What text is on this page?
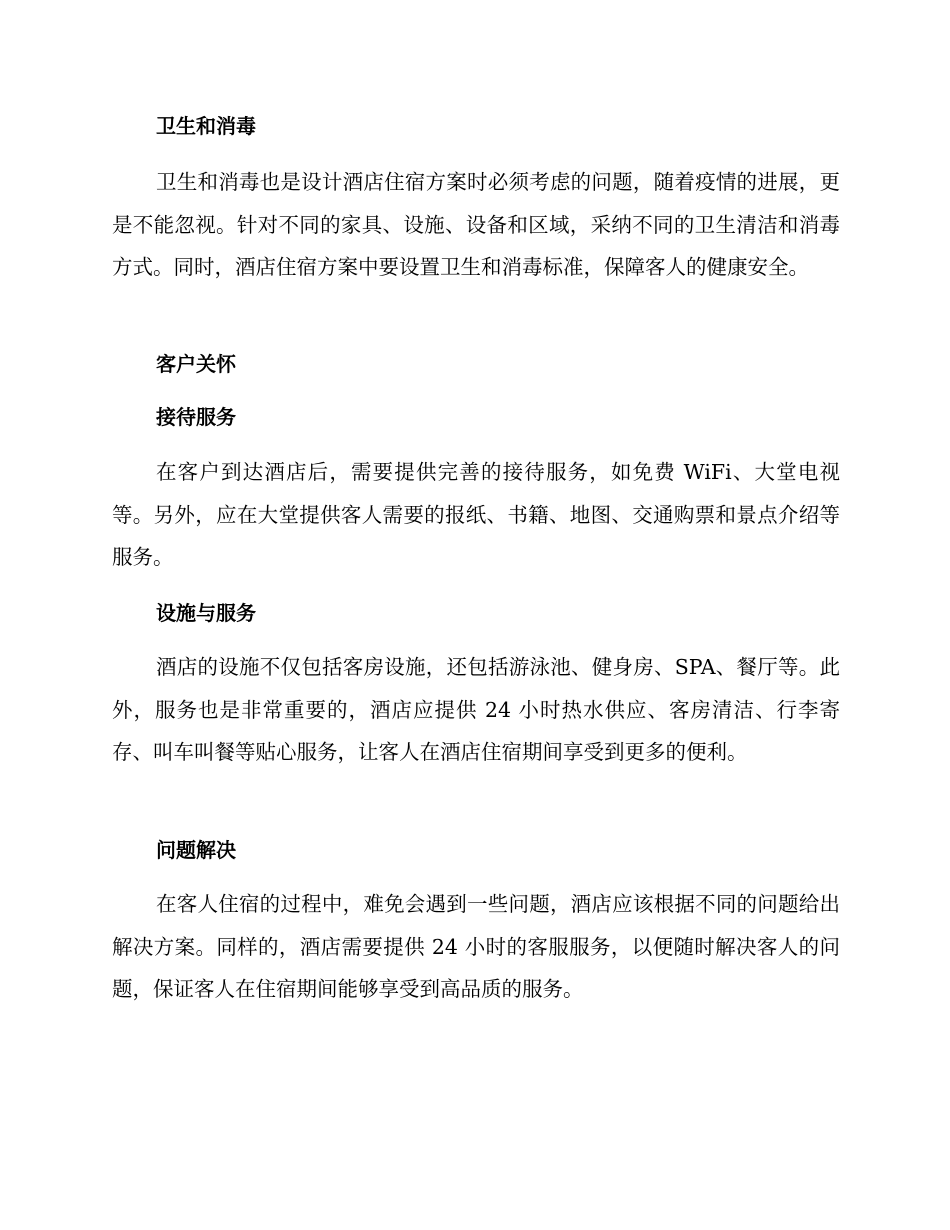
卫生和消毒

卫生和消毒也是设计酒店住宿方案时必须考虑的问题，随着疫情的进展，更是不能忽视。针对不同的家具、设施、设备和区域，采纳不同的卫生清洁和消毒方式。同时，酒店住宿方案中要设置卫生和消毒标准，保障客人的健康安全。

客户关怀
接待服务

在客户到达酒店后，需要提供完善的接待服务，如免费 WiFi、大堂电视等。另外，应在大堂提供客人需要的报纸、书籍、地图、交通购票和景点介绍等服务。

设施与服务

酒店的设施不仅包括客房设施，还包括游泳池、健身房、SPA、餐厅等。此外，服务也是非常重要的，酒店应提供 24 小时热水供应、客房清洁、行李寄存、叫车叫餐等贴心服务，让客人在酒店住宿期间享受到更多的便利。

问题解决

在客人住宿的过程中，难免会遇到一些问题，酒店应该根据不同的问题给出解决方案。同样的，酒店需要提供 24 小时的客服服务，以便随时解决客人的问题，保证客人在住宿期间能够享受到高品质的服务。
